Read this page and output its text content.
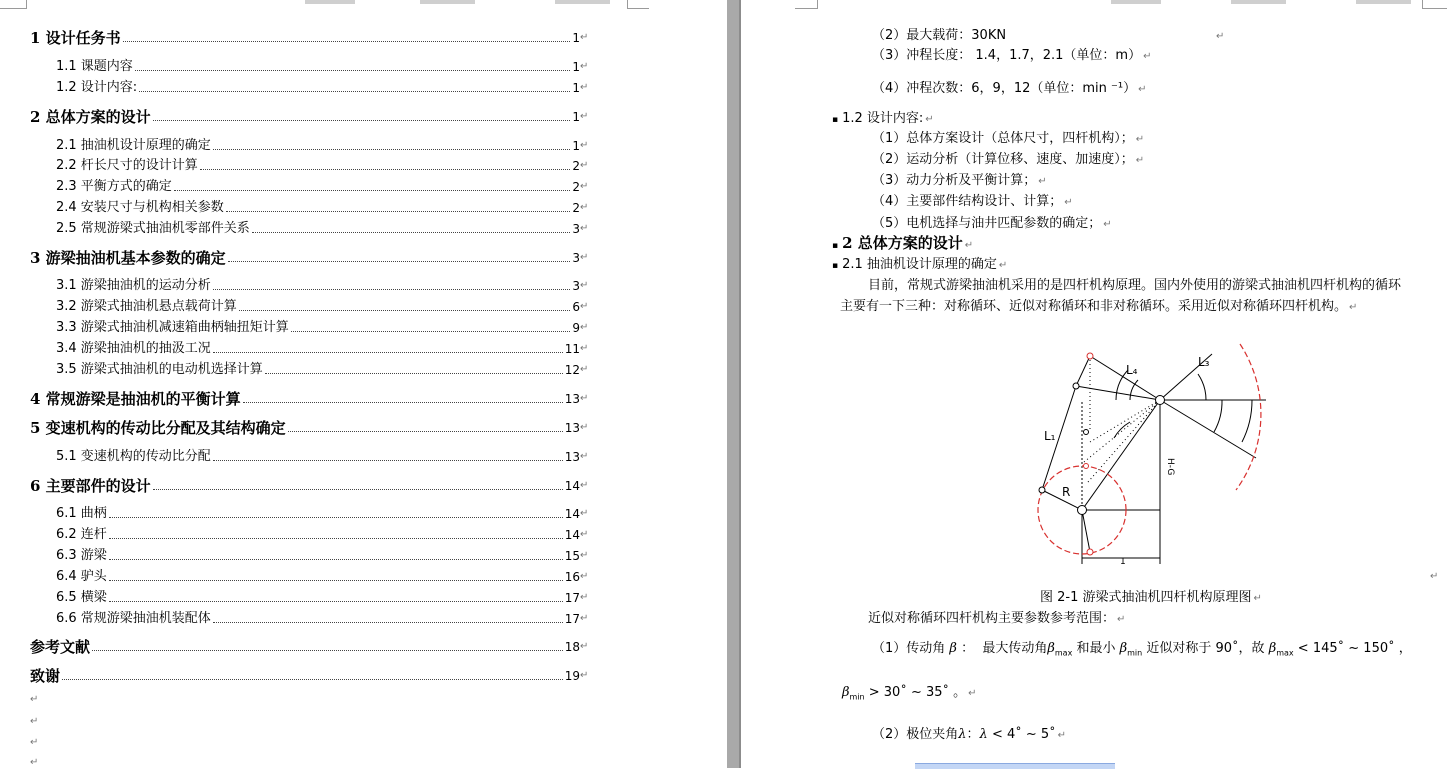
1 设计任务书	1 ↵
1.1 课题内容	1 ↵
1.2 设计内容:	1 ↵
2 总体方案的设计	1 ↵
2.1 抽油机设计原理的确定	1 ↵
2.2 杆长尺寸的设计计算	2 ↵
2.3 平衡方式的确定	2 ↵
2.4 安装尺寸与机构相关参数	2 ↵
2.5 常规游梁式抽油机零部件关系	3 ↵
3 游梁抽油机基本参数的确定	3 ↵
3.1 游梁抽油机的运动分析	3 ↵
3.2 游梁式抽油机悬点载荷计算	6 ↵
3.3 游梁式抽油机减速箱曲柄轴扭矩计算	9 ↵
3.4 游梁抽油机的抽汲工况	11 ↵
3.5 游梁式抽油机的电动机选择计算	12 ↵
4 常规游梁是抽油机的平衡计算	13 ↵
5 变速机构的传动比分配及其结构确定	13 ↵
5.1 变速机构的传动比分配	13 ↵
6 主要部件的设计	14 ↵
6.1 曲柄	14 ↵
6.2 连杆	14 ↵
6.3 游梁	15 ↵
6.4 驴头	16 ↵
6.5 横梁	17 ↵
6.6 常规游梁抽油机装配体	17 ↵
参考文献	18 ↵
致谢	19 ↵
↵
↵
↵
↵
（2）最大载荷：30KN	↵
（3）冲程长度： 1.4，1.7，2.1（单位：m） ↵
（4）冲程次数：6，9，12（单位：min ⁻¹） ↵
▪ 1.2 设计内容: ↵
（1）总体方案设计（总体尺寸，四杆机构）； ↵
（2）运动分析（计算位移、速度、加速度）； ↵
（3）动力分析及平衡计算； ↵
（4）主要部件结构设计、计算； ↵
（5）电机选择与油井匹配参数的确定； ↵
▪ 2 总体方案的设计 ↵
▪ 2.1 抽油机设计原理的确定 ↵
目前，常规式游梁抽油机采用的是四杆机构原理。国内外使用的游梁式抽油机四杆机构的循环
主要有一下三种：对称循环、近似对称循环和非对称循环。采用近似对称循环四杆机构。 ↵
L₄
L₃
L₁
R
H-G
1
↵
图 2-1 游梁式抽油机四杆机构原理图 ↵
近似对称循环四杆机构主要参数参考范围： ↵
（1）传动角 β ：  最大传动角$\beta_{max}$ 和最小 $\beta_{min}$ 近似对称于 90˚，故 $\beta_{max}$ < 145˚ ~ 150˚ ，
$\beta_{min}$ > 30˚ ~ 35˚ 。 ↵
（2）极位夹角λ：λ < 4˚ ~ 5˚ ↵
